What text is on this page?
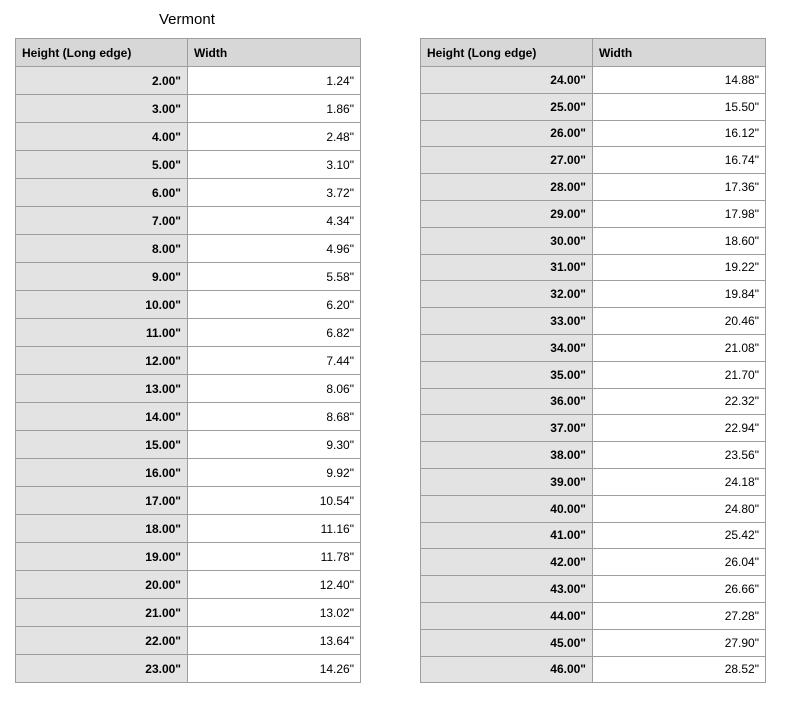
Vermont
Height (Long edge)	Width
2.00"	1.24"
3.00"	1.86"
4.00"	2.48"
5.00"	3.10"
6.00"	3.72"
7.00"	4.34"
8.00"	4.96"
9.00"	5.58"
10.00"	6.20"
11.00"	6.82"
12.00"	7.44"
13.00"	8.06"
14.00"	8.68"
15.00"	9.30"
16.00"	9.92"
17.00"	10.54"
18.00"	11.16"
19.00"	11.78"
20.00"	12.40"
21.00"	13.02"
22.00"	13.64"
23.00"	14.26"
Height (Long edge)	Width
24.00"	14.88"
25.00"	15.50"
26.00"	16.12"
27.00"	16.74"
28.00"	17.36"
29.00"	17.98"
30.00"	18.60"
31.00"	19.22"
32.00"	19.84"
33.00"	20.46"
34.00"	21.08"
35.00"	21.70"
36.00"	22.32"
37.00"	22.94"
38.00"	23.56"
39.00"	24.18"
40.00"	24.80"
41.00"	25.42"
42.00"	26.04"
43.00"	26.66"
44.00"	27.28"
45.00"	27.90"
46.00"	28.52"
